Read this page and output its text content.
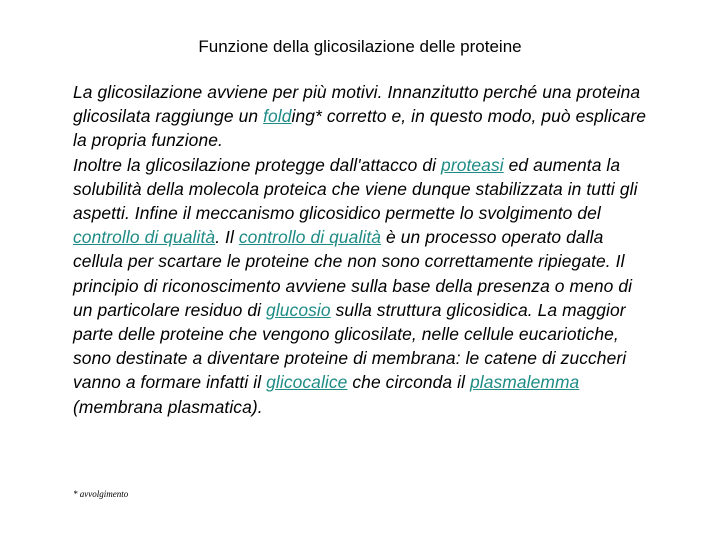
Funzione della glicosilazione delle proteine

La glicosilazione avviene per più motivi. Innanzitutto perché una proteina glicosilata raggiunge un folding* corretto e, in questo modo, può esplicare la propria funzione.
Inoltre la glicosilazione protegge dall'attacco di proteasi ed aumenta la solubilità della molecola proteica che viene dunque stabilizzata in tutti gli aspetti. Infine il meccanismo glicosidico permette lo svolgimento del controllo di qualità. Il controllo di qualità è un processo operato dalla cellula per scartare le proteine che non sono correttamente ripiegate. Il principio di riconoscimento avviene sulla base della presenza o meno di un particolare residuo di glucosio sulla struttura glicosidica. La maggior parte delle proteine che vengono glicosilate, nelle cellule eucariotiche, sono destinate a diventare proteine di membrana: le catene di zuccheri vanno a formare infatti il glicocalice che circonda il plasmalemma (membrana plasmatica).

* avvolgimento
